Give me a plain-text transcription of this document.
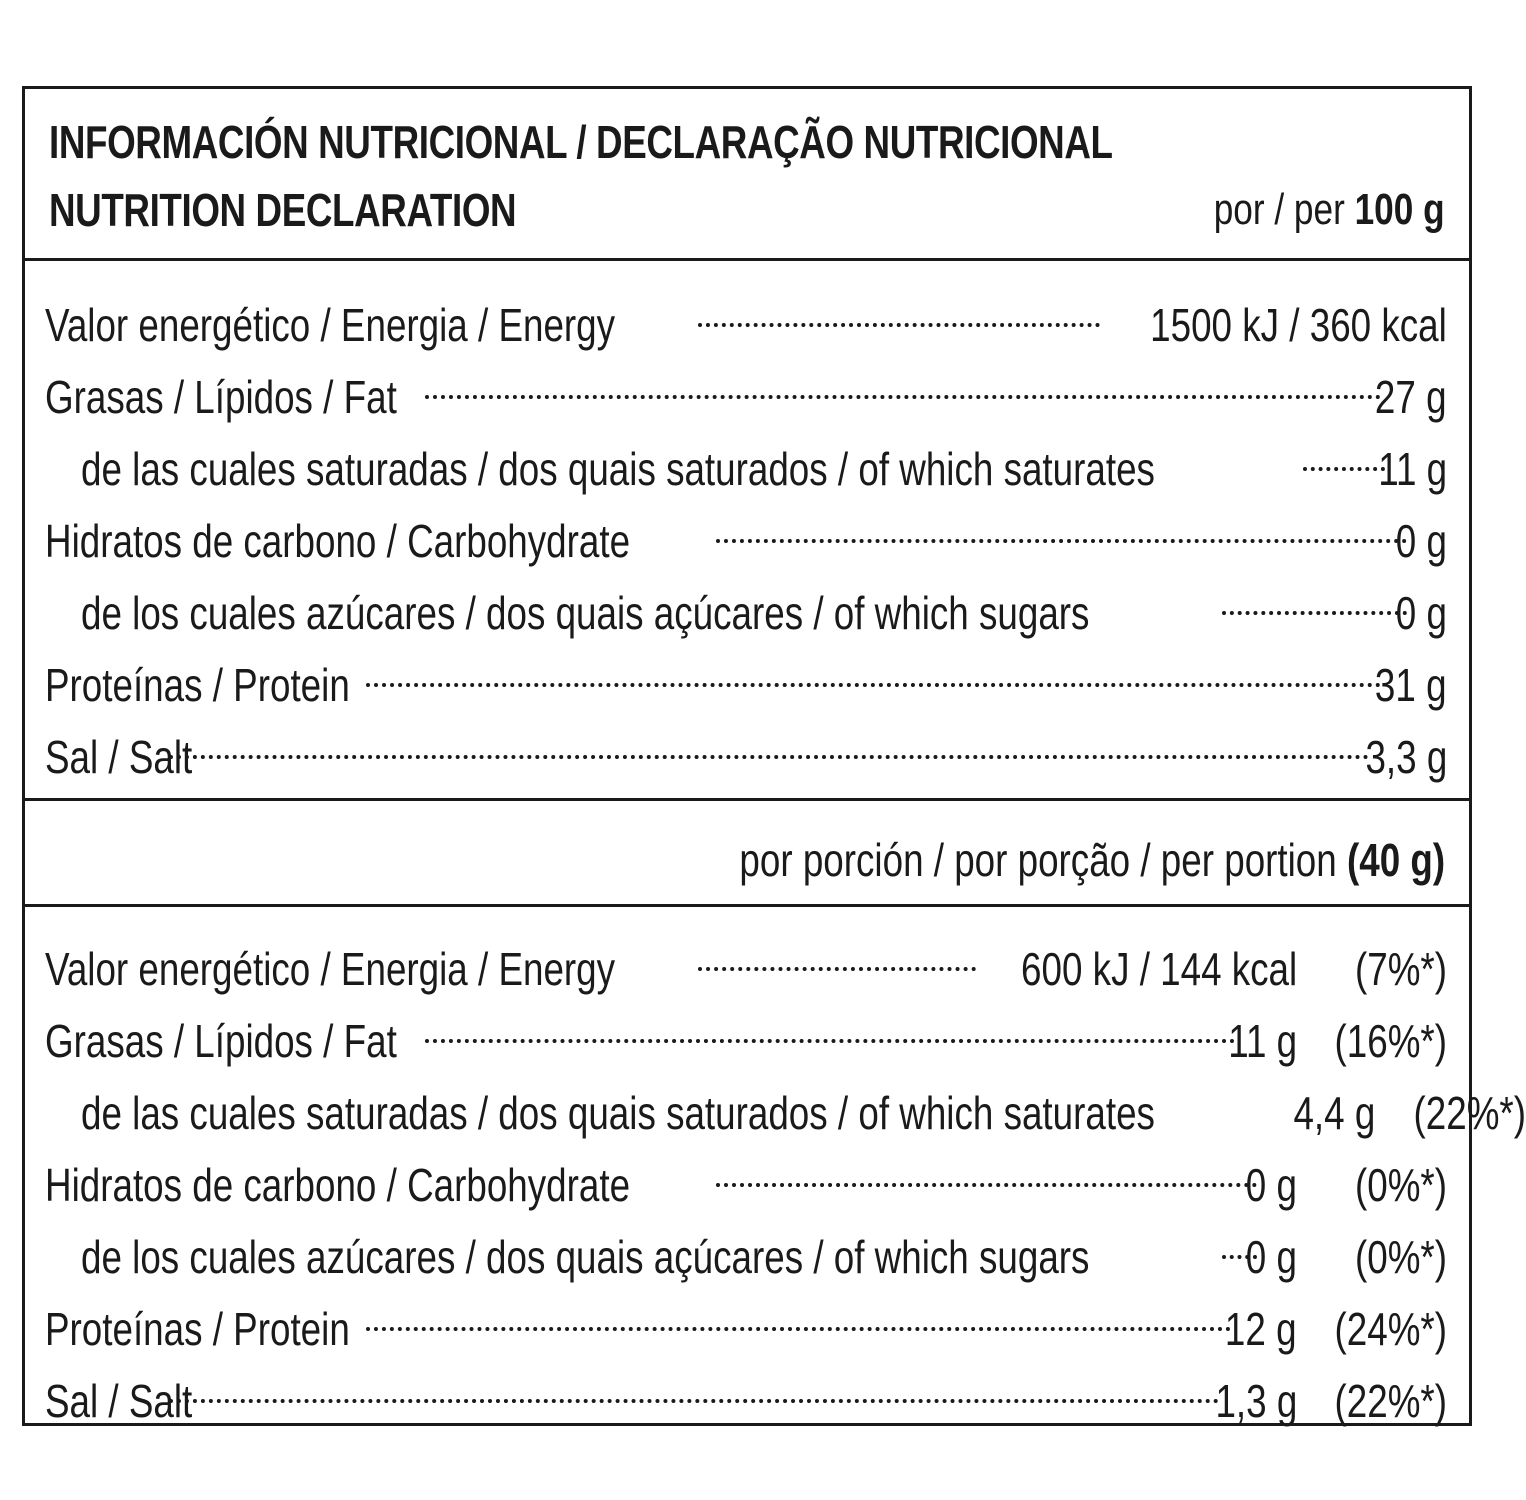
INFORMACIÓN NUTRICIONAL / DECLARAÇÃO NUTRICIONAL
NUTRITION DECLARATION	por / per 100 g
Valor energético / Energia / Energy	1500 kJ / 360 kcal
Grasas / Lípidos / Fat	27 g
de las cuales saturadas / dos quais saturados / of which saturates	11 g
Hidratos de carbono / Carbohydrate	0 g
de los cuales azúcares / dos quais açúcares / of which sugars	0 g
Proteínas / Protein	31 g
Sal / Salt	3,3 g
por porción / por porção / per portion (40 g)
Valor energético / Energia / Energy	600 kJ / 144 kcal	(7%*)
Grasas / Lípidos / Fat	11 g (16%*)
de las cuales saturadas / dos quais saturados / of which saturates	4,4 g (22%*)
Hidratos de carbono / Carbohydrate	0 g	(0%*)
de los cuales azúcares / dos quais açúcares / of which sugars	0 g	(0%*)
Proteínas / Protein	12 g (24%*)
Sal / Salt	1,3 g (22%*)
